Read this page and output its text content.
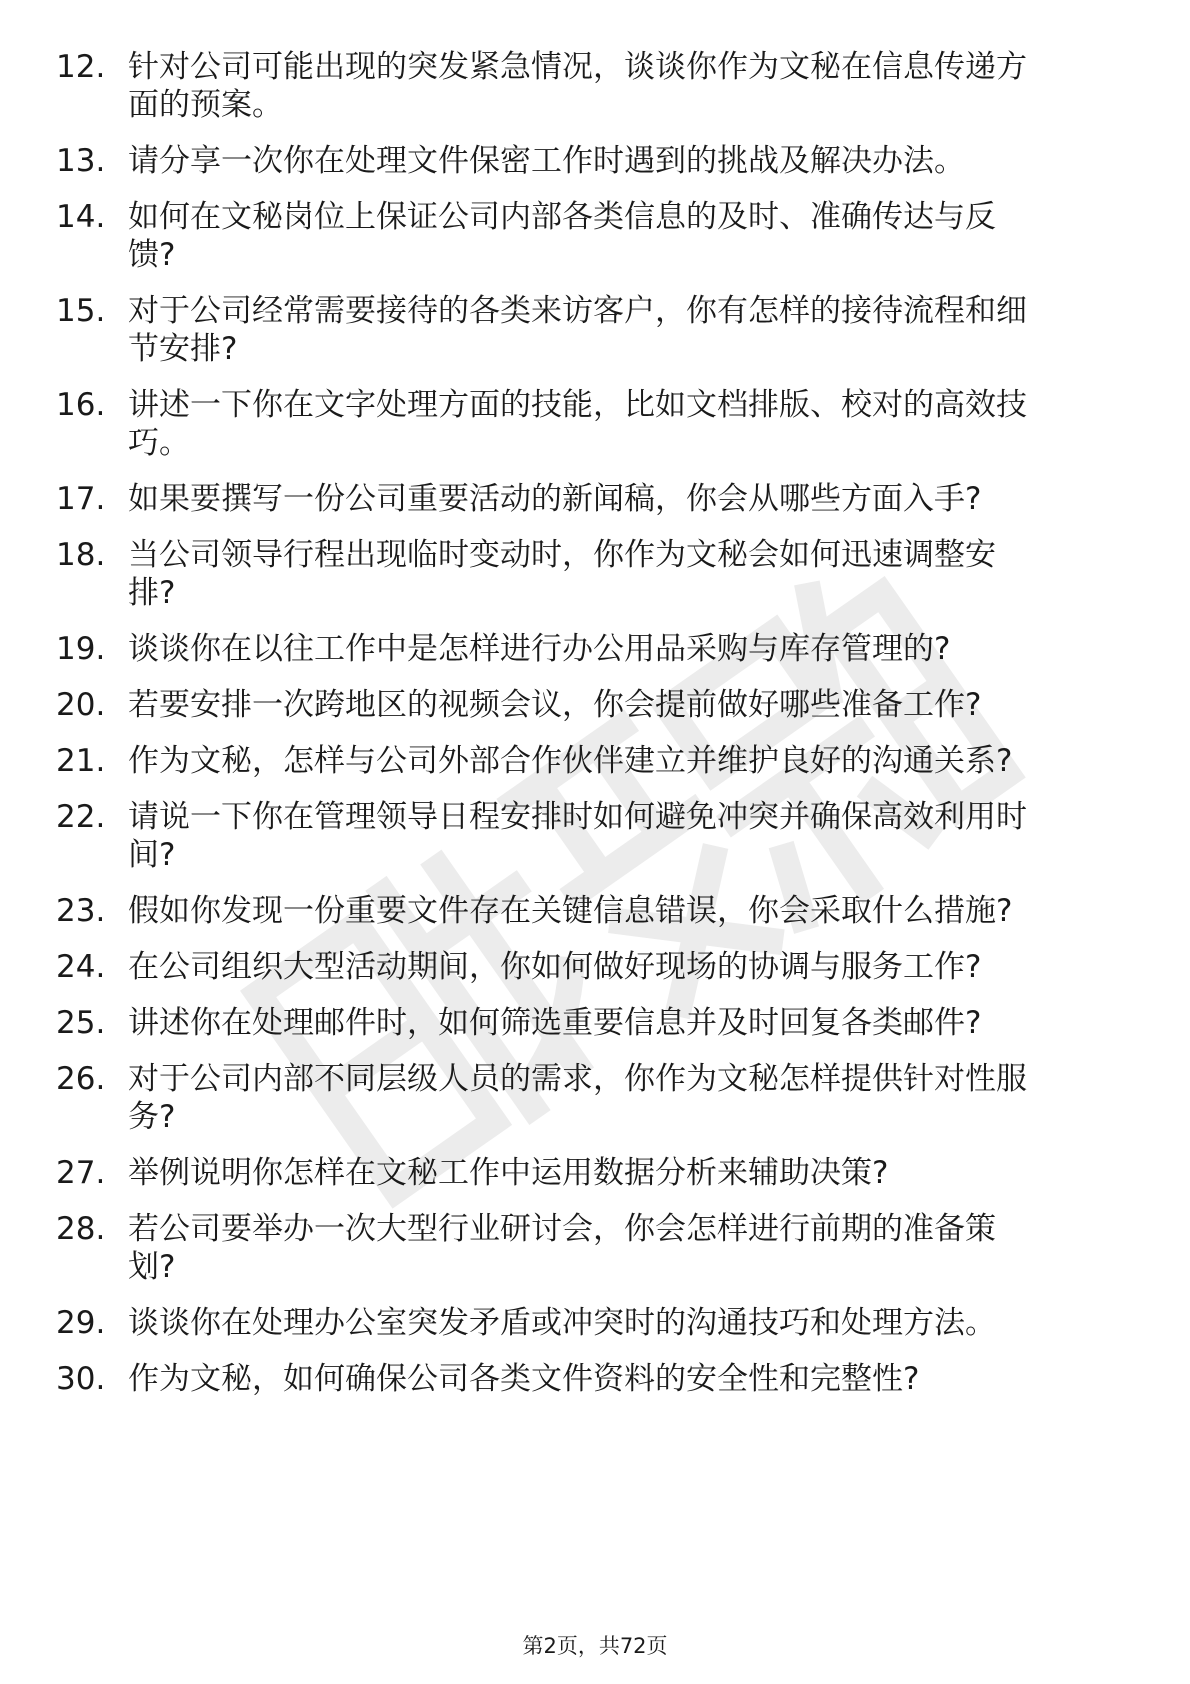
12. 针对公司可能出现的突发紧急情况，谈谈你作为文秘在信息传递方面的预案。
13. 请分享一次你在处理文件保密工作时遇到的挑战及解决办法。
14. 如何在文秘岗位上保证公司内部各类信息的及时、准确传达与反馈?
15. 对于公司经常需要接待的各类来访客户，你有怎样的接待流程和细节安排?
16. 讲述一下你在文字处理方面的技能，比如文档排版、校对的高效技巧。
17. 如果要撰写一份公司重要活动的新闻稿，你会从哪些方面入手?
18. 当公司领导行程出现临时变动时，你作为文秘会如何迅速调整安排?
19. 谈谈你在以往工作中是怎样进行办公用品采购与库存管理的?
20. 若要安排一次跨地区的视频会议，你会提前做好哪些准备工作?
21. 作为文秘，怎样与公司外部合作伙伴建立并维护良好的沟通关系?
22. 请说一下你在管理领导日程安排时如何避免冲突并确保高效利用时间?
23. 假如你发现一份重要文件存在关键信息错误，你会采取什么措施?
24. 在公司组织大型活动期间，你如何做好现场的协调与服务工作?
25. 讲述你在处理邮件时，如何筛选重要信息并及时回复各类邮件?
26. 对于公司内部不同层级人员的需求，你作为文秘怎样提供针对性服务?
27. 举例说明你怎样在文秘工作中运用数据分析来辅助决策?
28. 若公司要举办一次大型行业研讨会，你会怎样进行前期的准备策划?
29. 谈谈你在处理办公室突发矛盾或冲突时的沟通技巧和处理方法。
30. 作为文秘，如何确保公司各类文件资料的安全性和完整性?
第2页，共72页
